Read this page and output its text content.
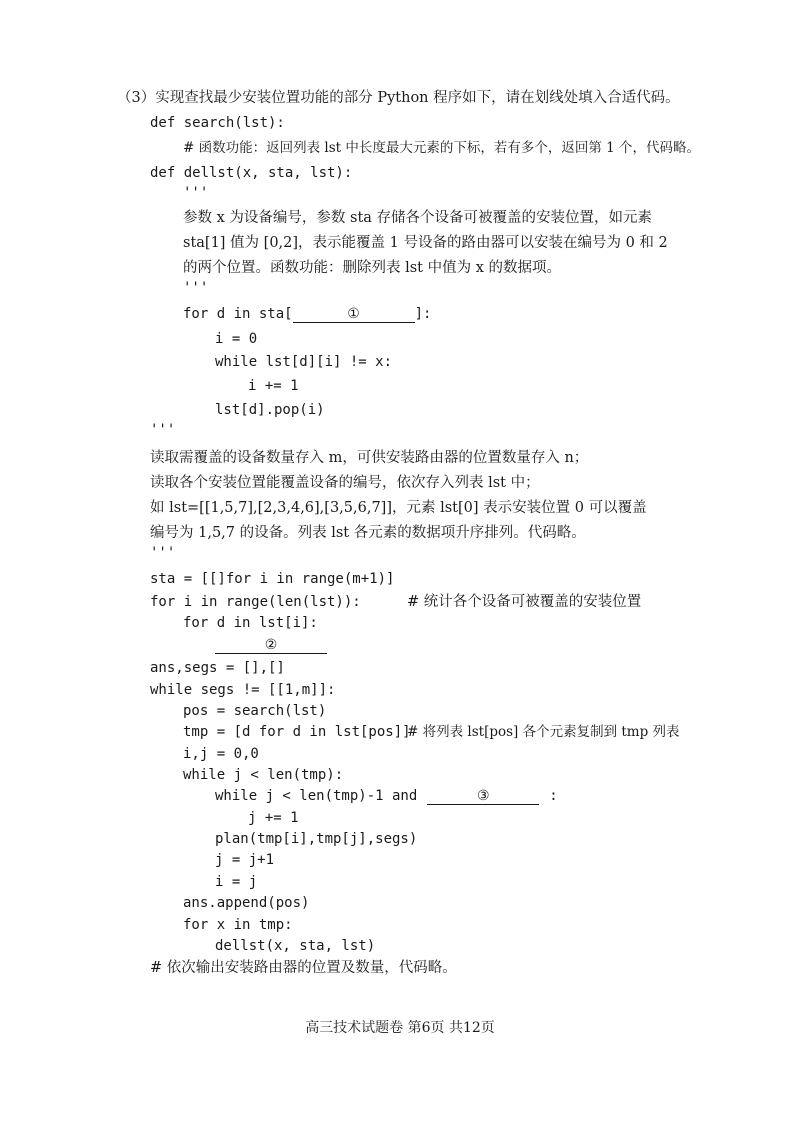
（3）实现查找最少安装位置功能的部分 Python 程序如下，请在划线处填入合适代码。
def search(lst):
# 函数功能：返回列表 lst 中长度最大元素的下标，若有多个，返回第 1 个，代码略。
def dellst(x, sta, lst):
'''
参数 x 为设备编号，参数 sta 存储各个设备可被覆盖的安装位置，如元素
sta[1] 值为 [0,2]，表示能覆盖 1 号设备的路由器可以安装在编号为 0 和 2
的两个位置。函数功能：删除列表 lst 中值为 x 的数据项。
'''
for d in sta[	①	]:
i = 0
while lst[d][i] != x:
i += 1
lst[d].pop(i)
'''
读取需覆盖的设备数量存入 m，可供安装路由器的位置数量存入 n；
读取各个安装位置能覆盖设备的编号，依次存入列表 lst 中；
如 lst=[[1,5,7],[2,3,4,6],[3,5,6,7]]，元素 lst[0] 表示安装位置 0 可以覆盖
编号为 1,5,7 的设备。列表 lst 各元素的数据项升序排列。代码略。
'''
sta = [[]for i in range(m+1)]
for i in range(len(lst)):	# 统计各个设备可被覆盖的安装位置
for d in lst[i]:
②
ans,segs = [],[]
while segs != [[1,m]]:
pos = search(lst)
tmp = [d for d in lst[pos]]
# 将列表 lst[pos] 各个元素复制到 tmp 列表
i,j = 0,0
while j < len(tmp):
while j < len(tmp)-1 and	③	:
j += 1
plan(tmp[i],tmp[j],segs)
j = j+1
i = j
ans.append(pos)
for x in tmp:
dellst(x, sta, lst)
# 依次输出安装路由器的位置及数量，代码略。
高三技术试题卷 第6页 共12页
